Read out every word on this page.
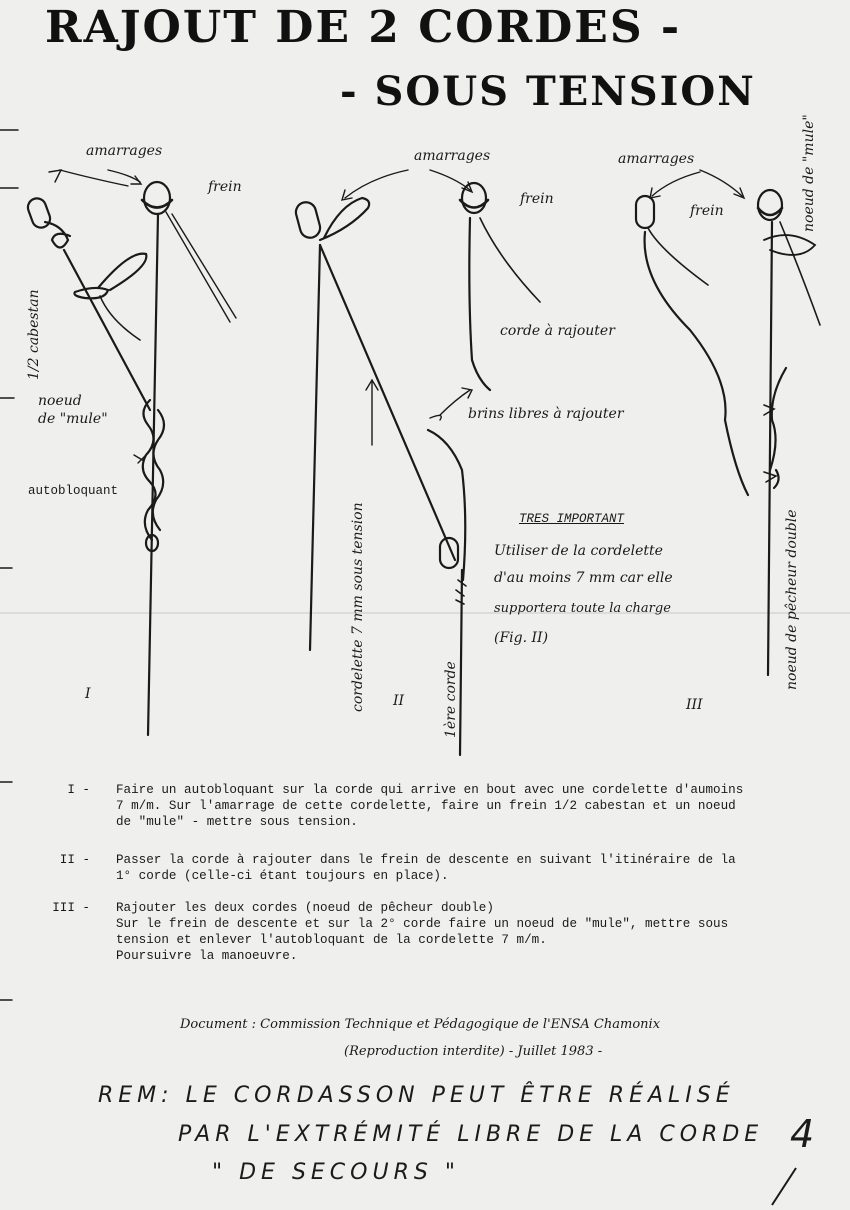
RAJOUT DE 2 CORDES -
- SOUS TENSION
amarrages
frein
1/2 cabestan
noeud
de "mule"
autobloquant
I
amarrages
frein
corde à rajouter
brins libres à rajouter
cordelette 7 mm sous tension	1ère corde
II
amarrages
frein	noeud de "mule"
noeud de pêcheur double
III
TRES IMPORTANT
Utiliser de la cordelette
d'au moins 7 mm car elle
supportera toute la charge
(Fig. II)
I - Faire un autobloquant sur la corde qui arrive en bout avec une cordelette d'aumoins
7 m/m. Sur l'amarrage de cette cordelette, faire un frein 1/2 cabestan et un noeud
de "mule" - mettre sous tension.
II - Passer la corde à rajouter dans le frein de descente en suivant l'itinéraire de la
1° corde (celle-ci étant toujours en place).
III - Rajouter les deux cordes (noeud de pêcheur double)
Sur le frein de descente et sur la 2° corde faire un noeud de "mule", mettre sous
tension et enlever l'autobloquant de la cordelette 7 m/m.
Poursuivre la manoeuvre.
Document : Commission Technique et Pédagogique de l'ENSA Chamonix
(Reproduction interdite) - Juillet 1983 -
REM: LE CORDASSON PEUT ÊTRE RÉALISÉ
PAR L'EXTRÉMITÉ LIBRE DE LA CORDE
" DE SECOURS "
4
